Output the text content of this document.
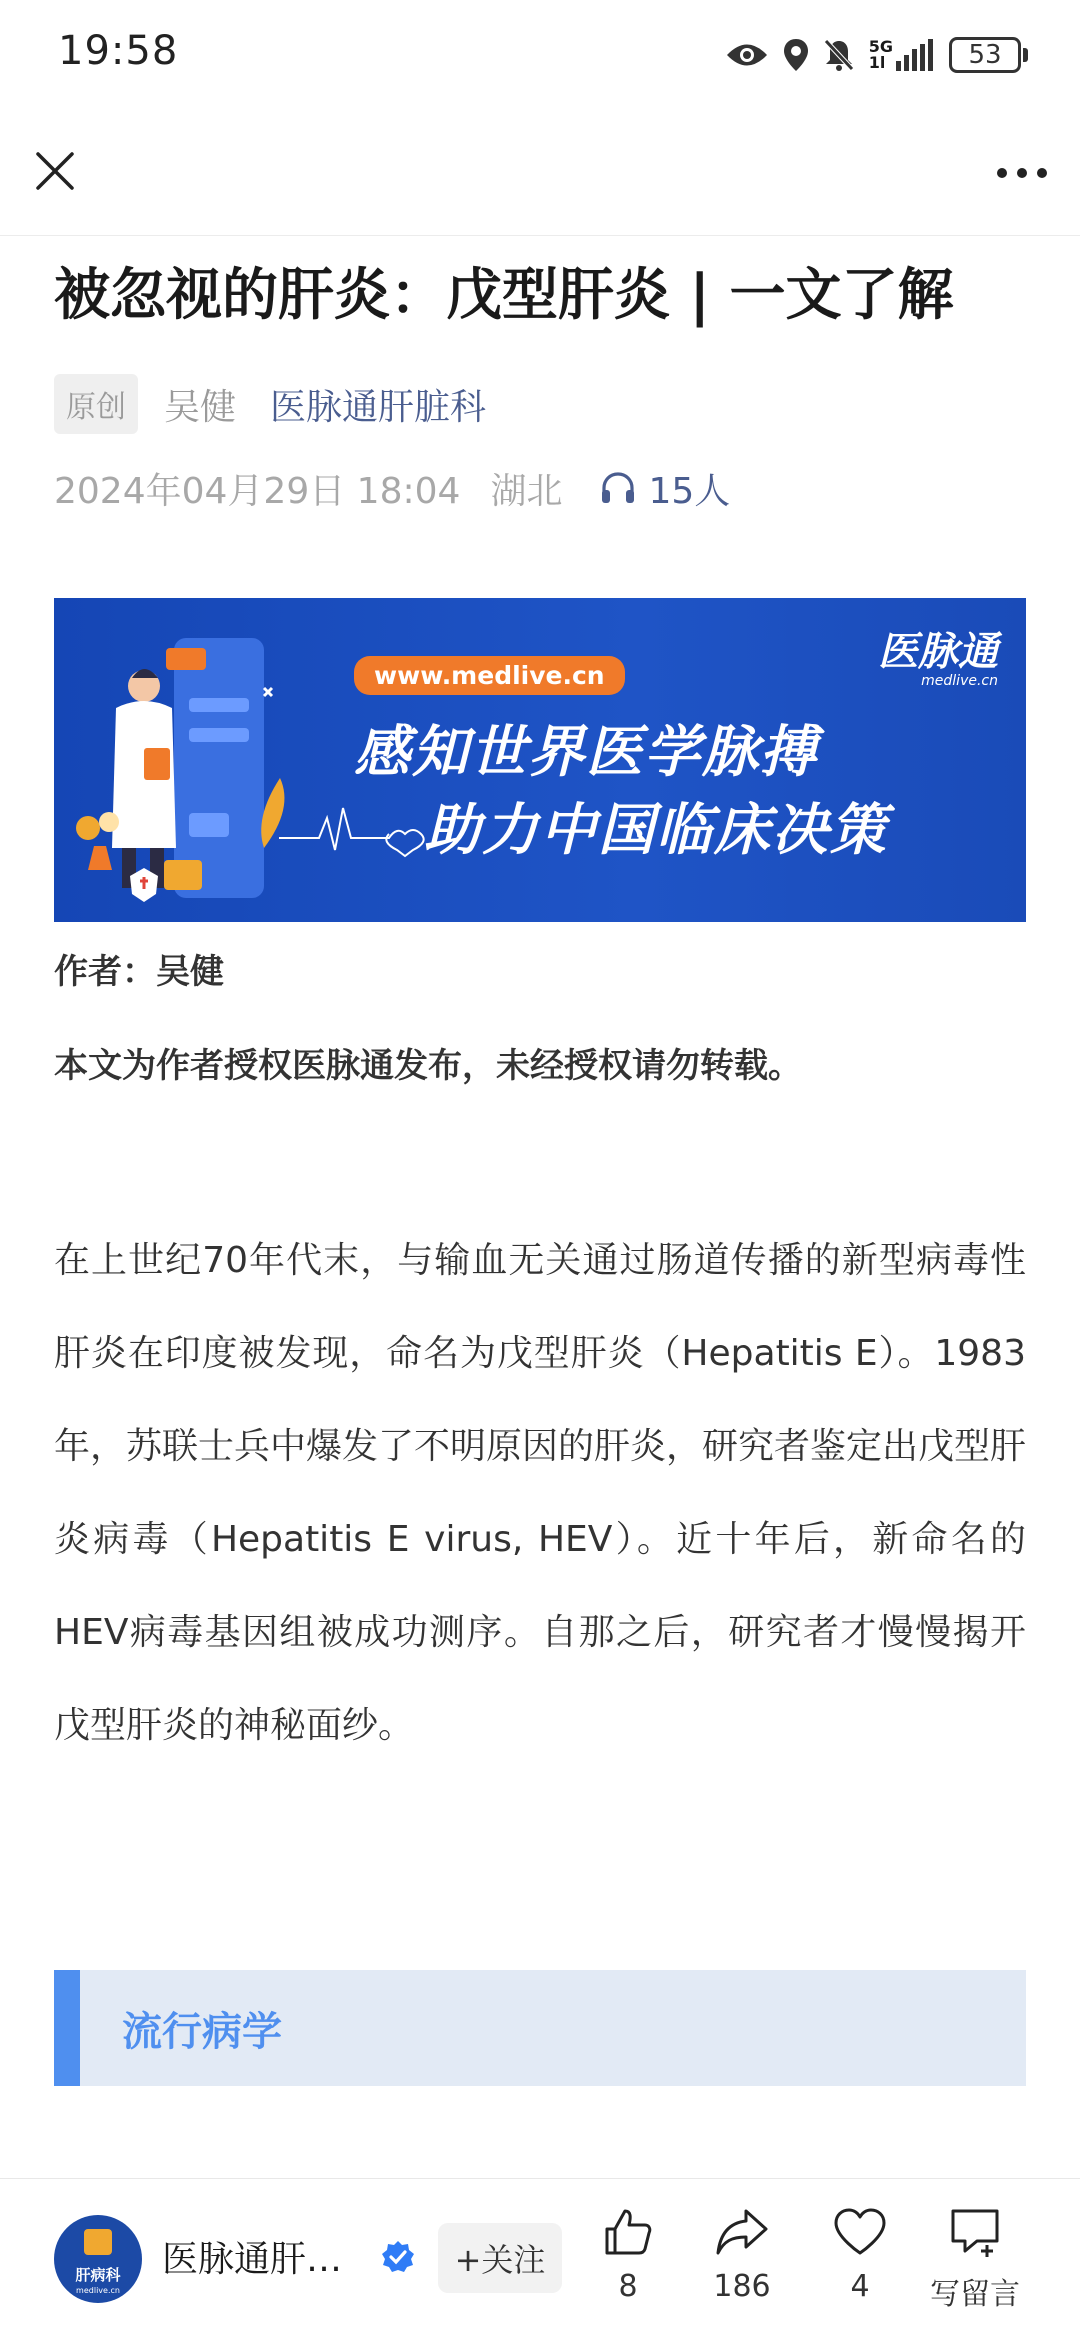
19:58	5G
1l	53
被忽视的肝炎：戊型肝炎 | 一文了解
原创	吴健 医脉通肝脏科
2024年04月29日 18:04 湖北 15人
www.medlive.cn
感知世界医学脉搏
助力中国临床决策
医脉通
medlive.cn
作者：吴健
本文为作者授权医脉通发布，未经授权请勿转载。

在上世纪70年代末，与输血无关通过肠道传播的新型病毒性肝炎在印度被发现，命名为戊型肝炎（Hepatitis E）。1983年，苏联士兵中爆发了不明原因的肝炎，研究者鉴定出戊型肝炎病毒（Hepatitis E virus, HEV）。近十年后，新命名的HEV病毒基因组被成功测序。自那之后，研究者才慢慢揭开戊型肝炎的神秘面纱。

流行病学
肝病科
medlive.cn
医脉通肝…	+关注
8	186	4 写留言
